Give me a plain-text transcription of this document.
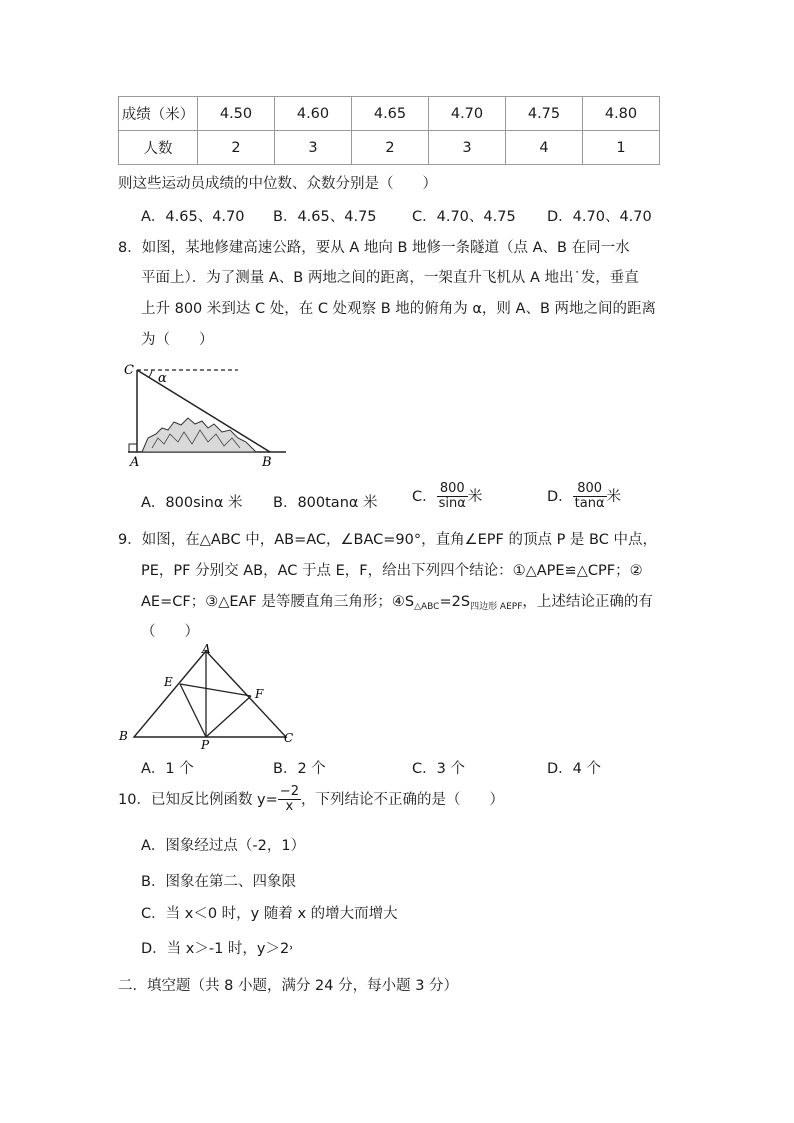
成绩（米）	4.50	4.60	4.65	4.70	4.75	4.80
人数	2	3	2	3	4	1
则这些运动员成绩的中位数、众数分别是（　　）
A．4.65、4.70 B．4.65、4.75 C．4.70、4.75 D．4.70、4.70
8．如图，某地修建高速公路，要从 A 地向 B 地修一条隧道（点 A、B 在同一水
平面上）．为了测量 A、B 两地之间的距离，一架直升飞机从 A 地出˙发，垂直
上升 800 米到达 C 处，在 C 处观察 B 地的俯角为 α，则 A、B 两地之间的距离
为（　　）
C
α
A	B
A．800sinα 米 B．800tanα 米 C． $\frac{800}{\sin\alpha}$ 米	D． $\frac{800}{\tan\alpha}$ 米
9．如图，在△ABC 中，AB=AC，∠BAC=90°，直角∠EPF 的顶点 P 是 BC 中点，
PE，PF 分别交 AB，AC 于点 E，F，给出下列四个结论：①△APE≌△CPF；②
AE=CF；③△EAF 是等腰直角三角形；$④S_{\triangle ABC}=2S_{四边形 AEPF}$，上述结论正确的有
（　　）
A
E
F
B
P	C
A．1 个	B．2 个	C．3 个	D．4 个
10．已知反比例函数 $y= \frac{-2}{x}$ ，下列结论不正确的是（　　）
A．图象经过点（-2，1）
B．图象在第二、四象限
C．当 x＜0 时，y 随着 x 的增大而增大
D．当 x＞-1 时，y＞2˒
二．填空题（共 8 小题，满分 24 分，每小题 3 分）
